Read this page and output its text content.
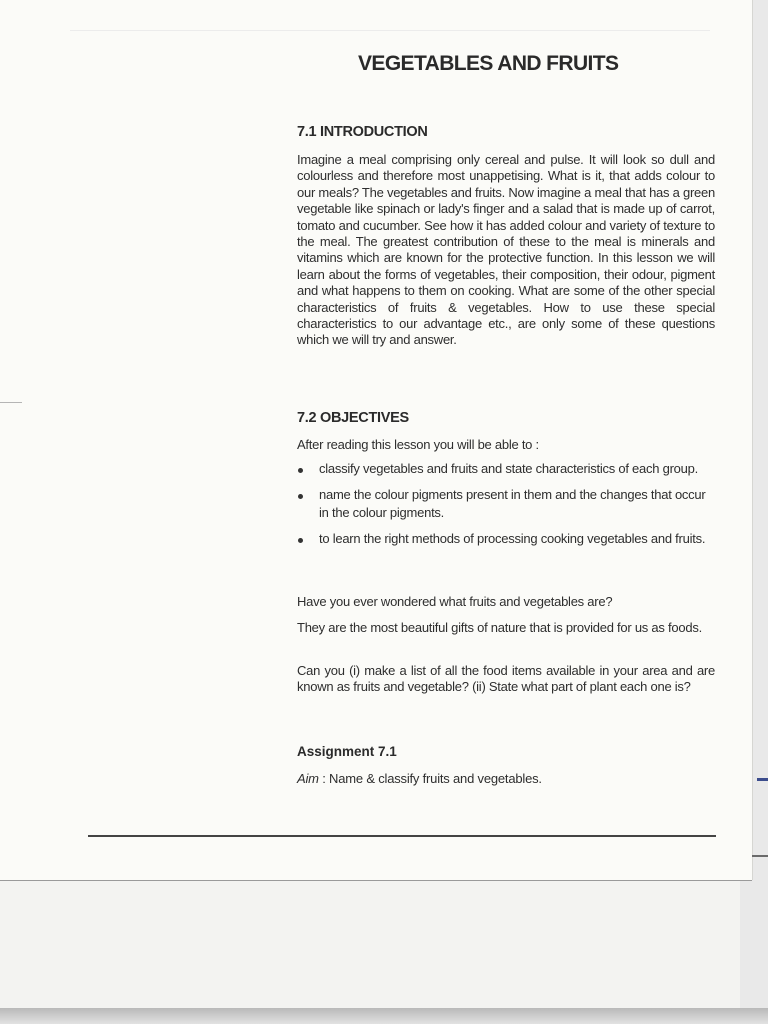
VEGETABLES AND FRUITS
7.1 INTRODUCTION

Imagine a meal comprising only cereal and pulse. It will look so dull and colourless and therefore most unappetising. What is it, that adds colour to our meals? The vegetables and fruits. Now imagine a meal that has a green vegetable like spinach or lady's finger and a salad that is made up of carrot, tomato and cucumber. See how it has added colour and variety of texture to the meal. The greatest contribution of these to the meal is minerals and vitamins which are known for the protective function. In this lesson we will learn about the forms of vegetables, their composition, their odour, pigment and what happens to them on cooking. What are some of the other special characteristics of fruits & vegetables. How to use these special characteristics to our advantage etc., are only some of these questions which we will try and answer.

7.2 OBJECTIVES

After reading this lesson you will be able to :

classify vegetables and fruits and state characteristics of each group.
name the colour pigments present in them and the changes that occur in the colour pigments.
to learn the right methods of processing cooking vegetables and fruits.

Have you ever wondered what fruits and vegetables are?

They are the most beautiful gifts of nature that is provided for us as foods.

Can you (i) make a list of all the food items available in your area and are known as fruits and vegetable? (ii) State what part of plant each one is?

Assignment 7.1

Aim : Name & classify fruits and vegetables.
